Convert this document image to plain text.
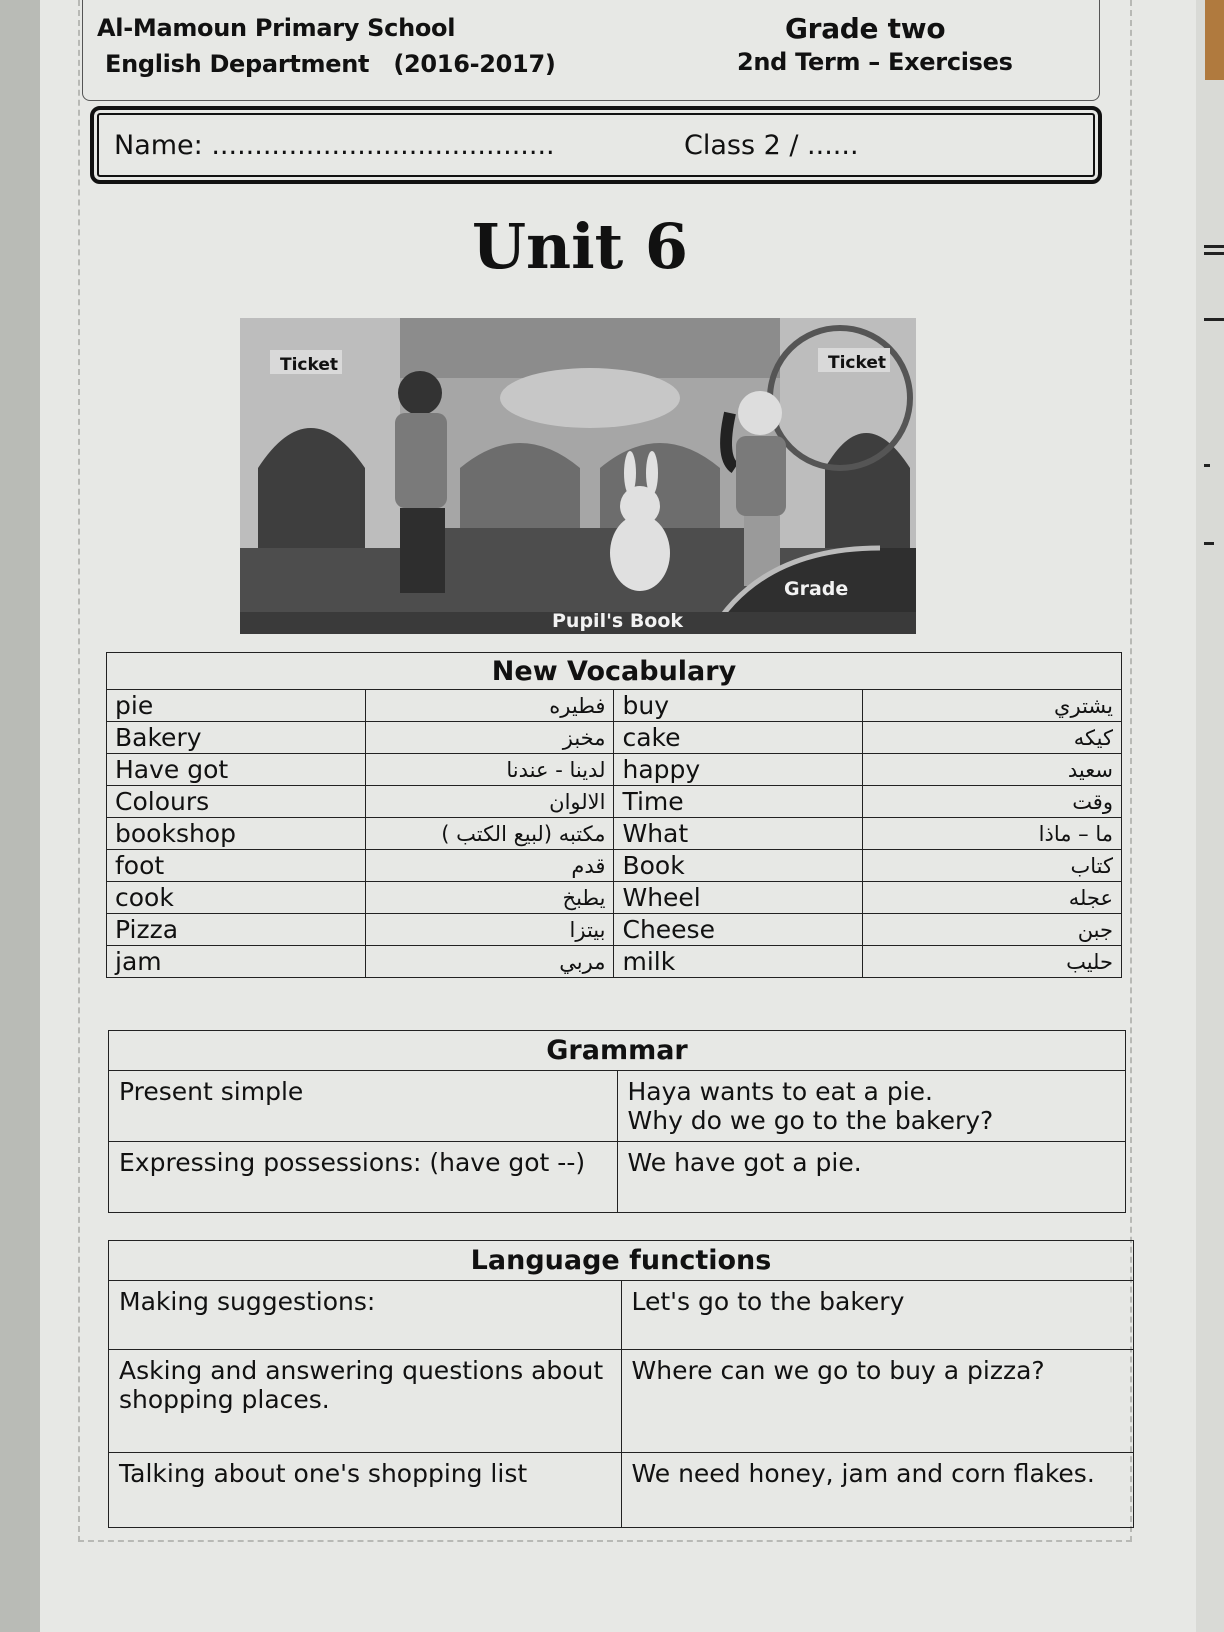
Al-Mamoun Primary School
English Department   (2016-2017)
Grade two
2nd Term – Exercises
Name: ........................................	Class 2 / ......
Unit 6
Ticket	Ticket
Pupil's Book
Grade
New Vocabulary			
pie	فطيره	buy	يشتري
Bakery	مخبز	cake	كيكه
Have got	لدينا - عندنا	happy	سعيد
Colours	الالوان	Time	وقت
bookshop	مكتبه (لبيع الكتب )	What	ما – ماذا
foot	قدم	Book	كتاب
cook	يطبخ	Wheel	عجله
Pizza	بيتزا	Cheese	جبن
jam	مربي	milk	حليب
Grammar	
Present simple	Haya wants to eat a pie.
Why do we go to the bakery?
Expressing possessions: (have got --)	We have got a pie.
Language functions	
Making suggestions:	Let's go to the bakery
Asking and answering questions about shopping places.	Where can we go to buy a pizza?
Talking about one's shopping list	We need honey, jam and corn flakes.
